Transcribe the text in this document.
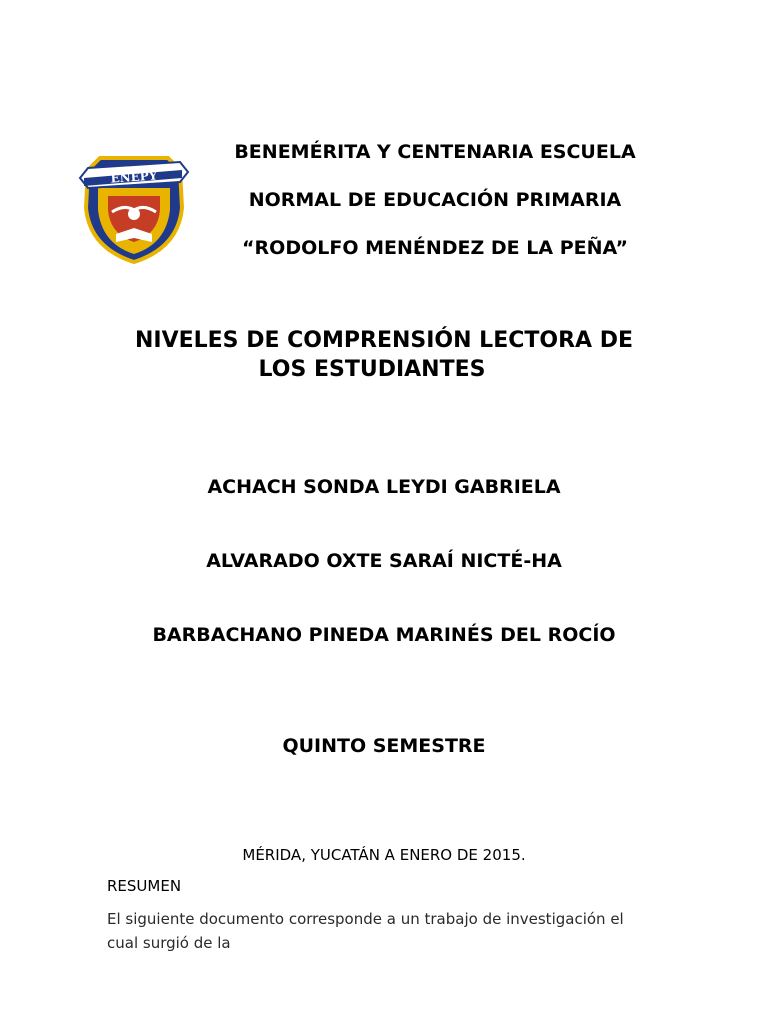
ENEPY
BENEMÉRITA Y CENTENARIA ESCUELA
NORMAL DE EDUCACIÓN PRIMARIA
“RODOLFO MENÉNDEZ DE LA PEÑA”
NIVELES DE COMPRENSIÓN LECTORA DE
LOS ESTUDIANTES
ACHACH SONDA LEYDI GABRIELA
ALVARADO OXTE SARAÍ NICTÉ-HA
BARBACHANO PINEDA MARINÉS DEL ROCÍO
QUINTO SEMESTRE
MÉRIDA, YUCATÁN A ENERO DE 2015.
RESUMEN
El siguiente documento corresponde a un trabajo de investigación el cual surgió de la
